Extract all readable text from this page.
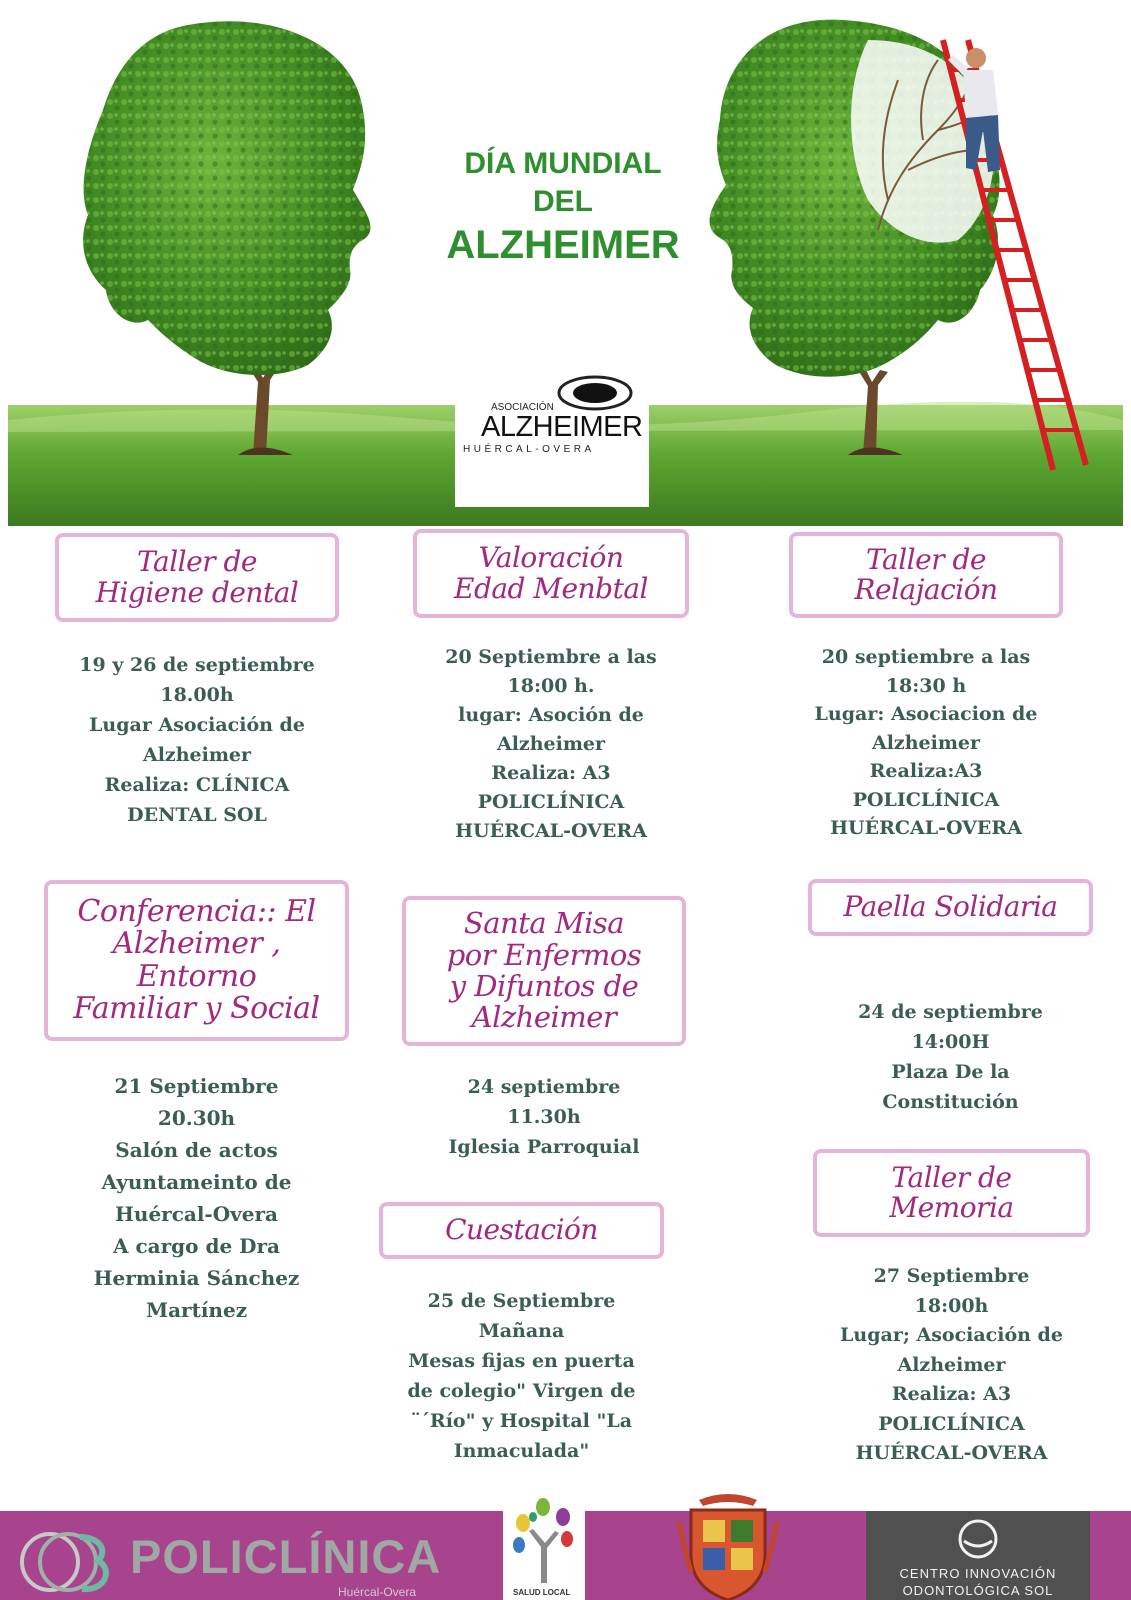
DÍA MUNDIAL
DEL
ALZHEIMER
ASOCIACIÓN
ALZHEIMER
HUÉRCAL-OVERA
Taller de Higiene dental
19 y 26 de septiembre
18.00h
Lugar Asociación de
Alzheimer
Realiza: CLÍNICA
DENTAL SOL
Valoración Edad Menbtal
20 Septiembre a las
18:00 h.
lugar: Asoción de
Alzheimer
Realiza: A3
POLICLÍNICA
HUÉRCAL-OVERA
Taller de Relajación
20 septiembre a las
18:30 h
Lugar: Asociacion de
Alzheimer
Realiza:A3
POLICLÍNICA
HUÉRCAL-OVERA
Conferencia:: El Alzheimer , Entorno Familiar y Social
21 Septiembre
20.30h
Salón de actos
Ayuntameinto de
Huércal-Overa
A cargo de Dra
Herminia Sánchez
Martínez
Santa Misa por Enfermos y Difuntos de Alzheimer
24 septiembre
11.30h
Iglesia Parroquial
Paella Solidaria
24 de septiembre
14:00H
Plaza De la
Constitución
Cuestación
25 de Septiembre
Mañana
Mesas fijas en puerta
de colegio" Virgen de
¨´Río" y Hospital "La
Inmaculada"
Taller de Memoria
27 Septiembre
18:00h
Lugar; Asociación de
Alzheimer
Realiza: A3
POLICLÍNICA
HUÉRCAL-OVERA
POLICLÍNICA
Huércal-Overa	SALUD LOCAL
CENTRO INNOVACIÓN
ODONTOLÓGICA SOL
